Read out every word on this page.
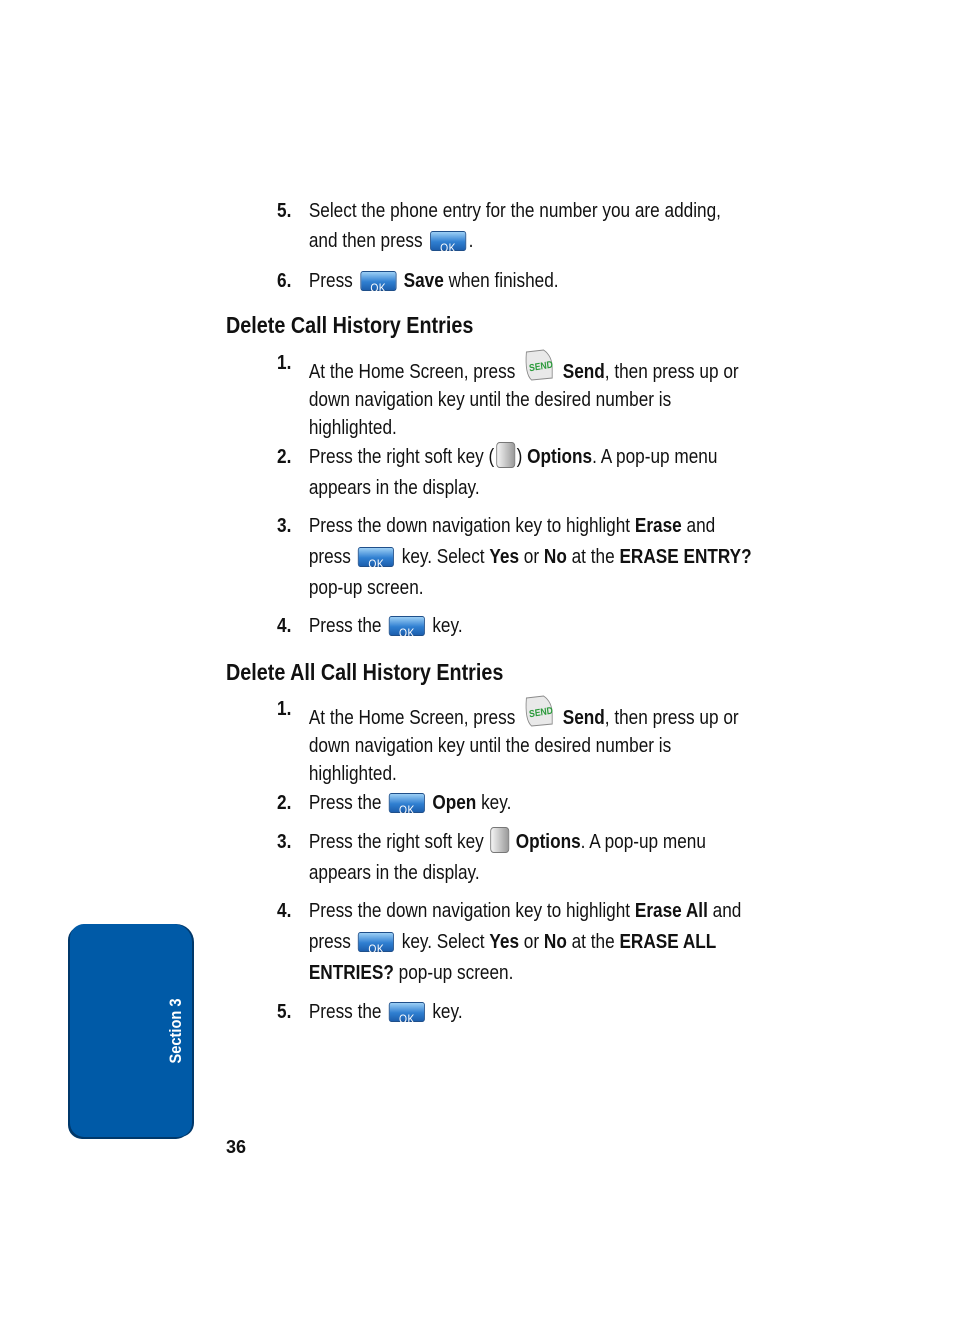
5. Select the phone entry for the number you are adding,
and then press	OK .
6. Press	OK Save when finished.
Delete Call History Entries
1. At the Home Screen, press SEND Send, then press up or
down navigation key until the desired number is
highlighted.
2. Press the right soft key ( ) Options. A pop-up menu
appears in the display.
3. Press the down navigation key to highlight Erase and
press	OK key. Select Yes or No at the ERASE ENTRY?
pop-up screen.
4. Press the	OK key.
Delete All Call History Entries
1. At the Home Screen, press SEND Send, then press up or
down navigation key until the desired number is
highlighted.
2. Press the	OK Open key.
3. Press the right soft key Options. A pop-up menu
appears in the display.
4. Press the down navigation key to highlight Erase All and
press	OK key. Select Yes or No at the ERASE ALL
ENTRIES? pop-up screen.
5. Press the	OK key.
Section 3
36
